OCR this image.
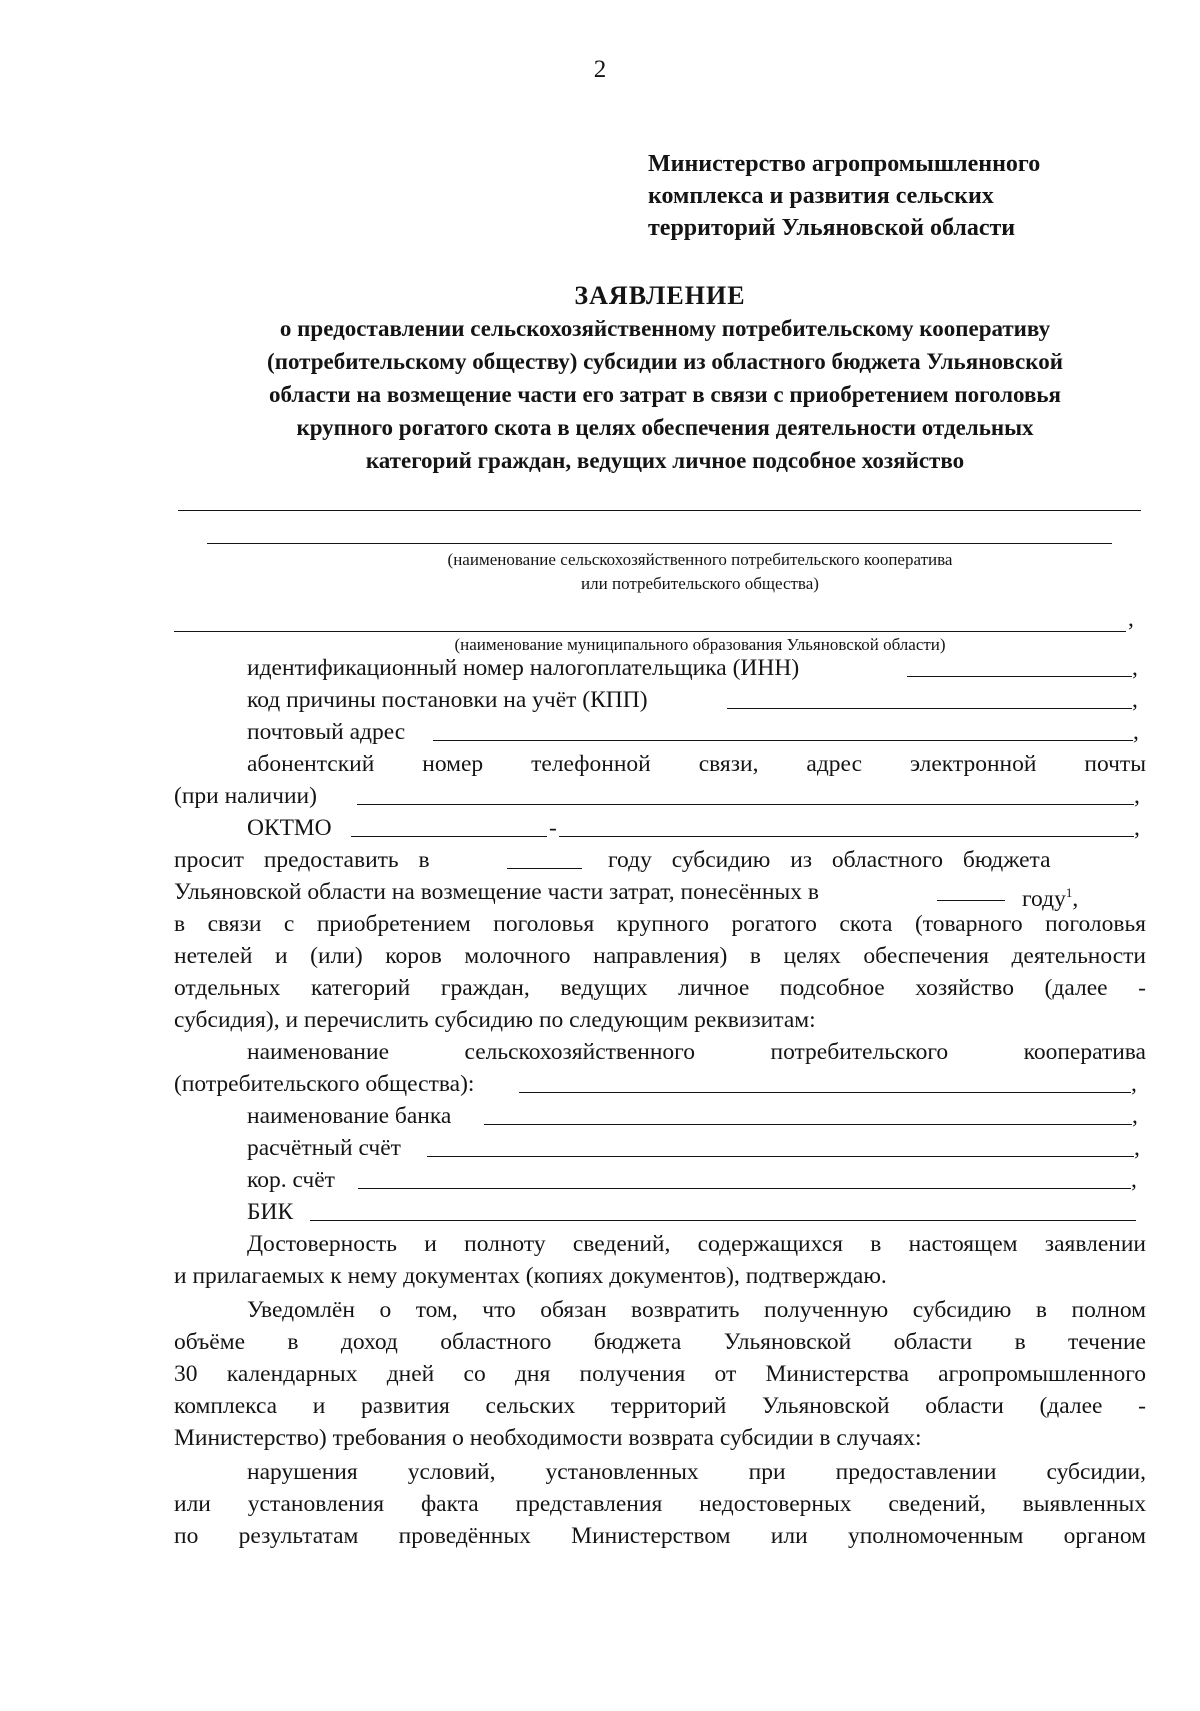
2
Министерство агропромышленного
комплекса и развития сельских
территорий Ульяновской области
ЗАЯВЛЕНИЕ
о предоставлении сельскохозяйственному потребительскому кооперативу
(потребительскому обществу) субсидии из областного бюджета Ульяновской
области на возмещение части его затрат в связи с приобретением поголовья
крупного рогатого скота в целях обеспечения деятельности отдельных
категорий граждан, ведущих личное подсобное хозяйство
(наименование сельскохозяйственного потребительского кооператива
или потребительского общества)
,
(наименование муниципального образования Ульяновской области)
идентификационный номер налогоплательщика (ИНН)	,
код причины постановки на учёт (КПП)	,
почтовый адрес	,
абонентский номер телефонной связи, адрес электронной почты
(при наличии)	,
ОКТМО	-	,
просит предоставить в	году субсидию из областного бюджета
Ульяновской области на возмещение части затрат, понесённых в	году$^1$,
в связи с приобретением поголовья крупного рогатого скота (товарного поголовья
нетелей и (или) коров молочного направления) в целях обеспечения деятельности
отдельных категорий граждан, ведущих личное подсобное хозяйство (далее -
субсидия), и перечислить субсидию по следующим реквизитам:
наименование сельскохозяйственного потребительского кооператива
(потребительского общества):	,
наименование банка	,
расчётный счёт	,
кор. счёт	,
БИК
Достоверность и полноту сведений, содержащихся в настоящем заявлении
и прилагаемых к нему документах (копиях документов), подтверждаю.
Уведомлён о том, что обязан возвратить полученную субсидию в полном
объёме в доход областного бюджета Ульяновской области в течение
30 календарных дней со дня получения от Министерства агропромышленного
комплекса и развития сельских территорий Ульяновской области (далее -
Министерство) требования о необходимости возврата субсидии в случаях:
нарушения условий, установленных при предоставлении субсидии,
или установления факта представления недостоверных сведений, выявленных
по результатам проведённых Министерством или уполномоченным органом
